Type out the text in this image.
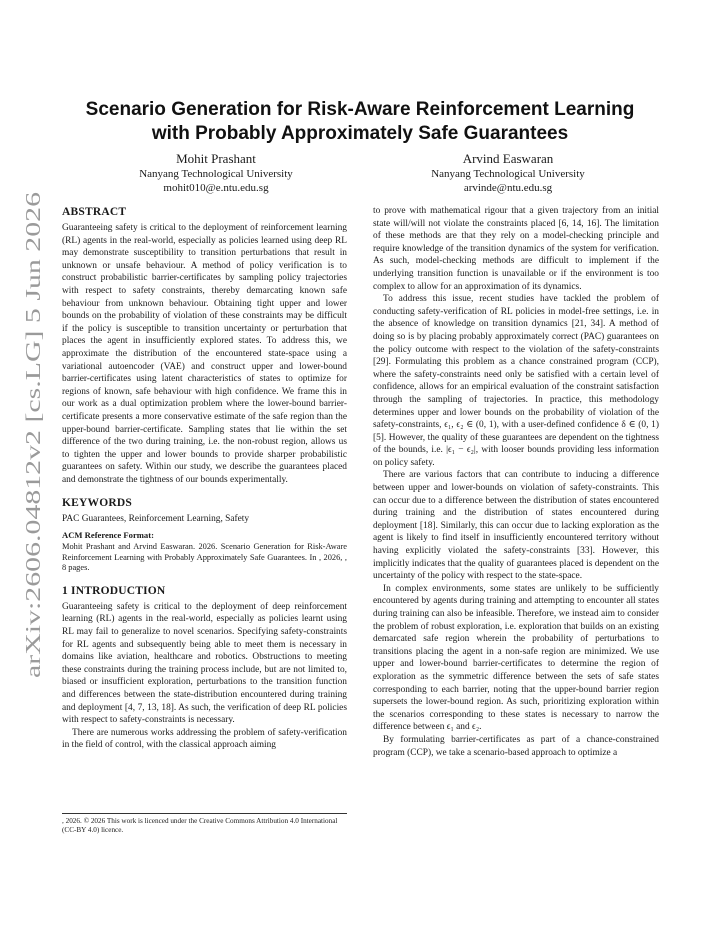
arXiv:2606.04812v2 [cs.LG] 5 Jun 2026
Scenario Generation for Risk-Aware Reinforcement Learning
with Probably Approximately Safe Guarantees
Mohit Prashant
Nanyang Technological University
mohit010@e.ntu.edu.sg
Arvind Easwaran
Nanyang Technological University
arvinde@ntu.edu.sg
ABSTRACT

Guaranteeing safety is critical to the deployment of reinforcement learning (RL) agents in the real-world, especially as policies learned using deep RL may demonstrate susceptibility to transition perturbations that result in unknown or unsafe behaviour. A method of policy verification is to construct probabilistic barrier-certificates by sampling policy trajectories with respect to safety constraints, thereby demarcating known safe behaviour from unknown behaviour. Obtaining tight upper and lower bounds on the probability of violation of these constraints may be difficult if the policy is susceptible to transition uncertainty or perturbation that places the agent in insufficiently explored states. To address this, we approximate the distribution of the encountered state-space using a variational autoencoder (VAE) and construct upper and lower-bound barrier-certificates using latent characteristics of states to optimize for regions of known, safe behaviour with high confidence. We frame this in our work as a dual optimization problem where the lower-bound barrier-certificate presents a more conservative estimate of the safe region than the upper-bound barrier-certificate. Sampling states that lie within the set difference of the two during training, i.e. the non-robust region, allows us to tighten the upper and lower bounds to provide sharper probabilistic guarantees on safety. Within our study, we describe the guarantees placed and demonstrate the tightness of our bounds experimentally.

KEYWORDS

PAC Guarantees, Reinforcement Learning, Safety

ACM Reference Format:

Mohit Prashant and Arvind Easwaran. 2026. Scenario Generation for Risk-Aware Reinforcement Learning with Probably Approximately Safe Guarantees. In , 2026, , 8 pages.

1 INTRODUCTION

Guaranteeing safety is critical to the deployment of deep reinforcement learning (RL) agents in the real-world, especially as policies learnt using RL may fail to generalize to novel scenarios. Specifying safety-constraints for RL agents and subsequently being able to meet them is necessary in domains like aviation, healthcare and robotics. Obstructions to meeting these constraints during the training process include, but are not limited to, biased or insufficient exploration, perturbations to the transition function and differences between the state-distribution encountered during training and deployment [4, 7, 13, 18]. As such, the verification of deep RL policies with respect to safety-constraints is necessary.

There are numerous works addressing the problem of safety-verification in the field of control, with the classical approach aiming

, 2026. © 2026 This work is licenced under the Creative Commons Attribution 4.0 International (CC-BY 4.0) licence.

to prove with mathematical rigour that a given trajectory from an initial state will/will not violate the constraints placed [6, 14, 16]. The limitation of these methods are that they rely on a model-checking principle and require knowledge of the transition dynamics of the system for verification. As such, model-checking methods are difficult to implement if the underlying transition function is unavailable or if the environment is too complex to allow for an approximation of its dynamics.

To address this issue, recent studies have tackled the problem of conducting safety-verification of RL policies in model-free settings, i.e. in the absence of knowledge on transition dynamics [21, 34]. A method of doing so is by placing probably approximately correct (PAC) guarantees on the policy outcome with respect to the violation of the safety-constraints [29]. Formulating this problem as a chance constrained program (CCP), where the safety-constraints need only be satisfied with a certain level of confidence, allows for an empirical evaluation of the constraint satisfaction through the sampling of trajectories. In practice, this methodology determines upper and lower bounds on the probability of violation of the safety-constraints, ϵ₁, ϵ₂ ∈ (0, 1), with a user-defined confidence δ ∈ (0, 1) [5]. However, the quality of these guarantees are dependent on the tightness of the bounds, i.e. |ϵ₁ − ϵ₂|, with looser bounds providing less information on policy safety.

There are various factors that can contribute to inducing a difference between upper and lower-bounds on violation of safety-constraints. This can occur due to a difference between the distribution of states encountered during training and the distribution of states encountered during deployment [18]. Similarly, this can occur due to lacking exploration as the agent is likely to find itself in insufficiently encountered territory without having explicitly violated the safety-constraints [33]. However, this implicitly indicates that the quality of guarantees placed is dependent on the uncertainty of the policy with respect to the state-space.

In complex environments, some states are unlikely to be sufficiently encountered by agents during training and attempting to encounter all states during training can also be infeasible. Therefore, we instead aim to consider the problem of robust exploration, i.e. exploration that builds on an existing demarcated safe region wherein the probability of perturbations to transitions placing the agent in a non-safe region are minimized. We use upper and lower-bound barrier-certificates to determine the region of exploration as the symmetric difference between the sets of safe states corresponding to each barrier, noting that the upper-bound barrier region supersets the lower-bound region. As such, prioritizing exploration within the scenarios corresponding to these states is necessary to narrow the difference between ϵ₁ and ϵ₂.

By formulating barrier-certificates as part of a chance-constrained program (CCP), we take a scenario-based approach to optimize a
